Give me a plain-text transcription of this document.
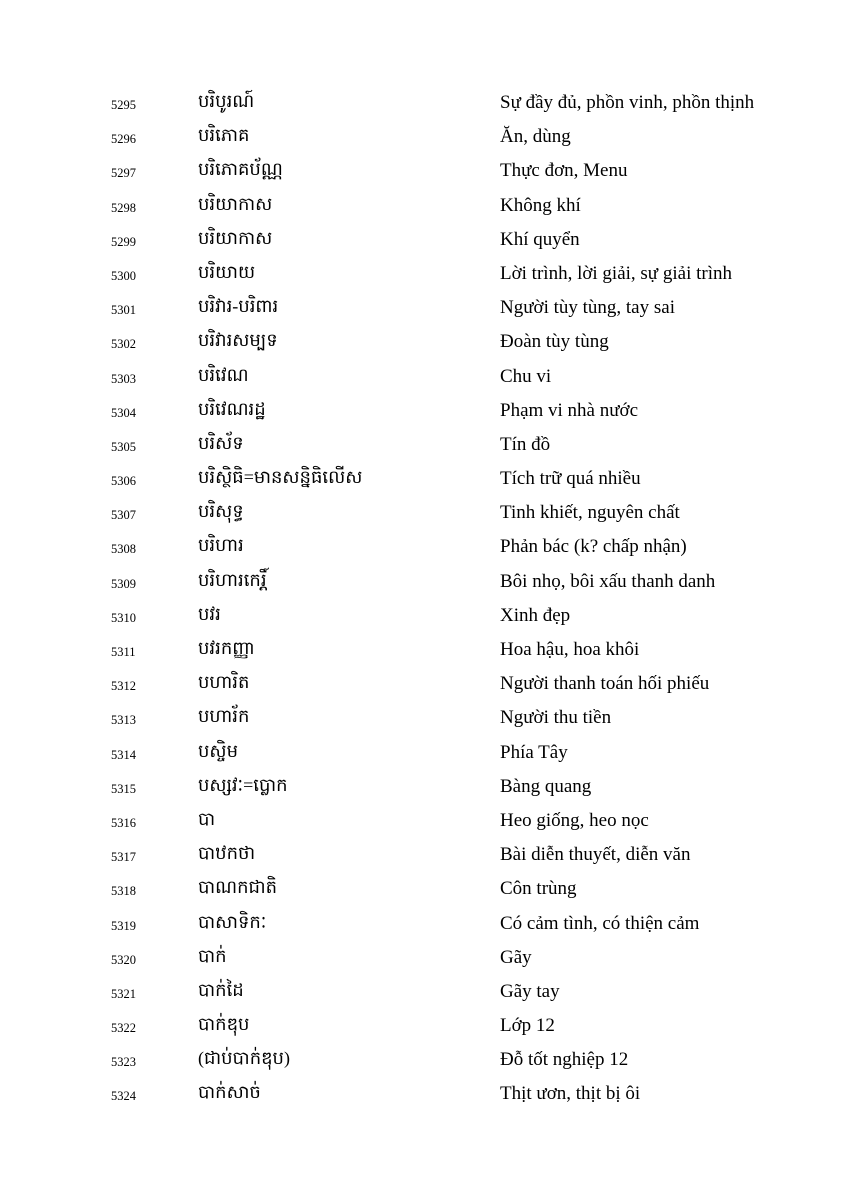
5295	បរិបូរណ៍	Sự đầy đủ, phồn vinh, phồn thịnh
5296	បរិភោគ	Ăn, dùng
5297	បរិភោគប័ណ្ណ	Thực đơn, Menu
5298	បរិយាកាស	Không khí
5299	បរិយាកាស	Khí quyển
5300	បរិយាយ	Lời trình, lời giải, sự giải trình
5301	បរិវារ-បរិពារ	Người tùy tùng, tay sai
5302	បរិវារសម្បទ	Đoàn tùy tùng
5303	បរិវេណ	Chu vi
5304	បរិវេណរដ្ឋ	Phạm vi nhà nước
5305	បរិស័ទ	Tín đồ
5306	បរិស្ថិធិ=មានសន្និធិលើស	Tích trữ quá nhiều
5307	បរិសុទ្ធ	Tinh khiết, nguyên chất
5308	បរិហារ	Phản bác (k? chấp nhận)
5309	បរិហារកេរ្តិ៍	Bôi nhọ, bôi xấu thanh danh
5310	បវរ	Xinh đẹp
5311	បវរកញ្ញា	Hoa hậu, hoa khôi
5312	បហារិត	Người thanh toán hối phiếu
5313	បហារ័ក	Người thu tiền
5314	បស្ចិម	Phía Tây
5315	បស្សវៈ=ប្លោក	Bàng quang
5316	បា	Heo giống, heo nọc
5317	បាឋកថា	Bài diễn thuyết, diễn văn
5318	បាណកជាតិ	Côn trùng
5319	បាសាទិកៈ	Có cảm tình, có thiện cảm
5320	បាក់	Gãy
5321	បាក់ដៃ	Gãy tay
5322	បាក់ឌុប	Lớp 12
5323	(ជាប់បាក់ឌុប)	Đỗ tốt nghiệp 12
5324	បាក់សាច់	Thịt ươn, thịt bị ôi
